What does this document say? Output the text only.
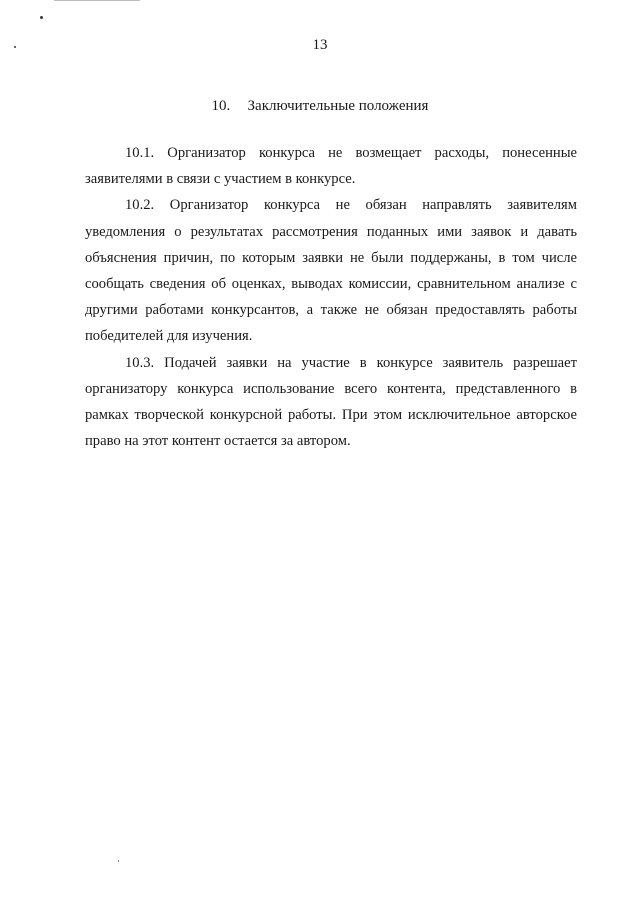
13
10. Заключительные положения

10.1. Организатор конкурса не возмещает расходы, понесенные заявителями в связи с участием в конкурсе.

10.2. Организатор конкурса не обязан направлять заявителям уведомления о результатах рассмотрения поданных ими заявок и давать объяснения причин, по которым заявки не были поддержаны, в том числе сообщать сведения об оценках, выводах комиссии, сравнительном анализе с другими работами конкурсантов, а также не обязан предоставлять работы победителей для изучения.

10.3. Подачей заявки на участие в конкурсе заявитель разрешает организатору конкурса использование всего контента, представленного в рамках творческой конкурсной работы. При этом исключительное авторское право на этот контент остается за автором.
